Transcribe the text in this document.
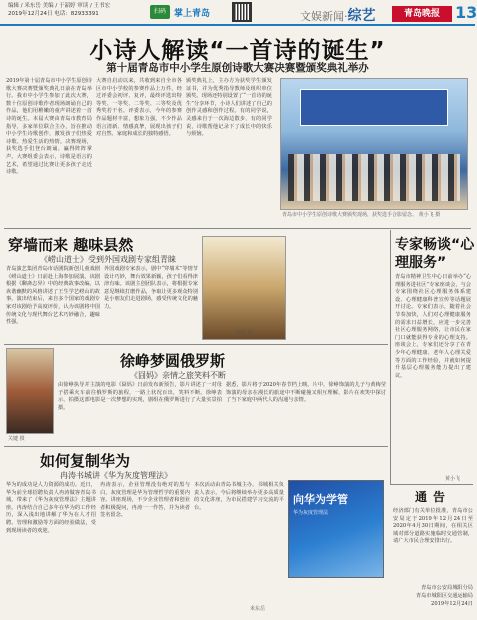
编辑 / 米东岳 美编 / 于韶婷 审读 / 王书宏
2019年12月24日 电话：82933391	扫码 掌上青岛	文娱新闻·综艺	青岛晚报 13
小诗人解读“一首诗的诞生”
第十届青岛市中小学生原创诗歌大赛决赛暨颁奖典礼举办
2019年第十届青岛市中小学生原创诗歌大赛决赛暨颁奖典礼日前在青岛举行。我市中小学生参加了此次大赛，数十位原创诗歌作者现场朗诵自己的作品，他们用稚嫩的童声讲述着一首诗的诞生。本届大赛由青岛市教育局指导，多家单位联合主办，旨在推动中小学生诗歌创作，激发孩子们热爱诗歌、热爱生活的热情。决赛现场，获奖选手们登台朗诵，赢得阵阵掌声。大赛组委会表示，诗歌是语言的艺术，希望通过比赛让更多孩子走近诗歌。
大赛自启动以来，共收到来自全市各区市中小学校的参赛作品上万件。经过评委会初评、复评，最终评选出特等奖、一等奖、二等奖、三等奖及优秀奖若干名。评委表示，今年的参赛作品题材丰富，想象力强，不少作品语言清新、情感真挚，展现出孩子们对自然、家庭和成长的独特感悟。
颁奖典礼上，主办方为获奖学生颁发证书，并为优秀指导教师及组织单位颁奖。现场还特别设置了“一首诗的诞生”分享环节，小诗人们讲述了自己的创作灵感和创作过程。有的同学说，灵感来自于一次海边散步，有的同学说，诗歌帮他记录下了成长中的快乐与烦恼。
青岛市中小学生原创诗歌大赛颁奖现场，获奖选手合影留念。 黄小飞 摄
穿墙而来 趣味县然
《崂山道士》受到外国戏剧专家组青睐
青岛演艺集团青岛市话剧院新创儿童戏剧《崂山道士》日前赴上海参加展演。该剧根据《聊斋志异》中的经典故事改编，以诙谐幽默的风格讲述了王生学艺崂山的故事。演出结束后，来自多个国家的戏剧专家对该剧给予高度评价，认为该剧将中国传统文化与现代舞台艺术巧妙融合，趣味性强。
外国戏剧专家表示，剧中“穿墙术”等情节设计巧妙，舞台效果新颖，孩子们看得津津有味。该剧主创团队表示，将根据专家意见继续打磨作品，争取让更多观众特别是小朋友们走进剧场，感受传统文化的魅力。
徐峥 摄
关键 摄
徐峥梦圆俄罗斯
《囧妈》亲情之旅笑料不断
由徐峥执导并主演的电影《囧妈》日前发布新预告，影片讲述了一对母子搭乘火车前往俄罗斯的旅程，一路上状况百出，笑料不断。徐峥表示，拍摄这部电影是一次梦想的实现，剧组在俄罗斯进行了大量实景拍摄。
据悉，影片将于2020年春节档上映。片中，徐峥饰演的儿子与黄梅莹饰演的母亲在漫长的旅途中不断碰撞又相互理解，影片在欢笑中探讨了当下家庭中两代人的沟通与亲情。
如何复制华为
冉涛书城讲《华为灰度管理法》
华为的成功是人力资源的成功。近日，华为前全球招聘负责人冉涛做客青岛书城，带来了《华为灰度管理法》主题讲座。冉涛结合自己多年在华为的工作经历，深入浅出地讲解了华为在人才招聘、管理和激励等方面的经验做法，受到现场读者的欢迎。
冉涛表示，企业管理没有绝对的黑与白，灰度管理是华为管理哲学的重要内容。讲座现场，不少企业管理者和创业者积极提问，冉涛一一作答，并为读者签名留念。
本次活动由青岛书城主办。书城相关负责人表示，今后将继续举办更多高质量的文化讲座，为市民搭建学习交流的平台。
米东岳
向华为学管
华为灰度管理法
专家畅谈“心理服务”
青岛市精神卫生中心日前举办“心理服务进社区”专家座谈会，与会专家围绕社区心理服务体系建设、心理健康科普宣传等话题展开讨论。专家们表示，随着社会节奏加快，人们对心理健康服务的需求日益增长，应进一步完善社区心理服务网络，让市民在家门口就能获得专业的心理支持。座谈会上，专家们还分享了在青少年心理健康、老年人心理关爱等方面的工作经验，并就如何提升基层心理服务能力提出了建议。
黄小飞
通告
经济部门有关单位批准，青岛市公安局定于2019年12月24日至2020年4月30日期间，在相关区域对部分道路实施临时交通管制，请广大市民合理安排出行。
青岛市公安局城阳分局
青岛市城阳区交通运输局
2019年12月24日
